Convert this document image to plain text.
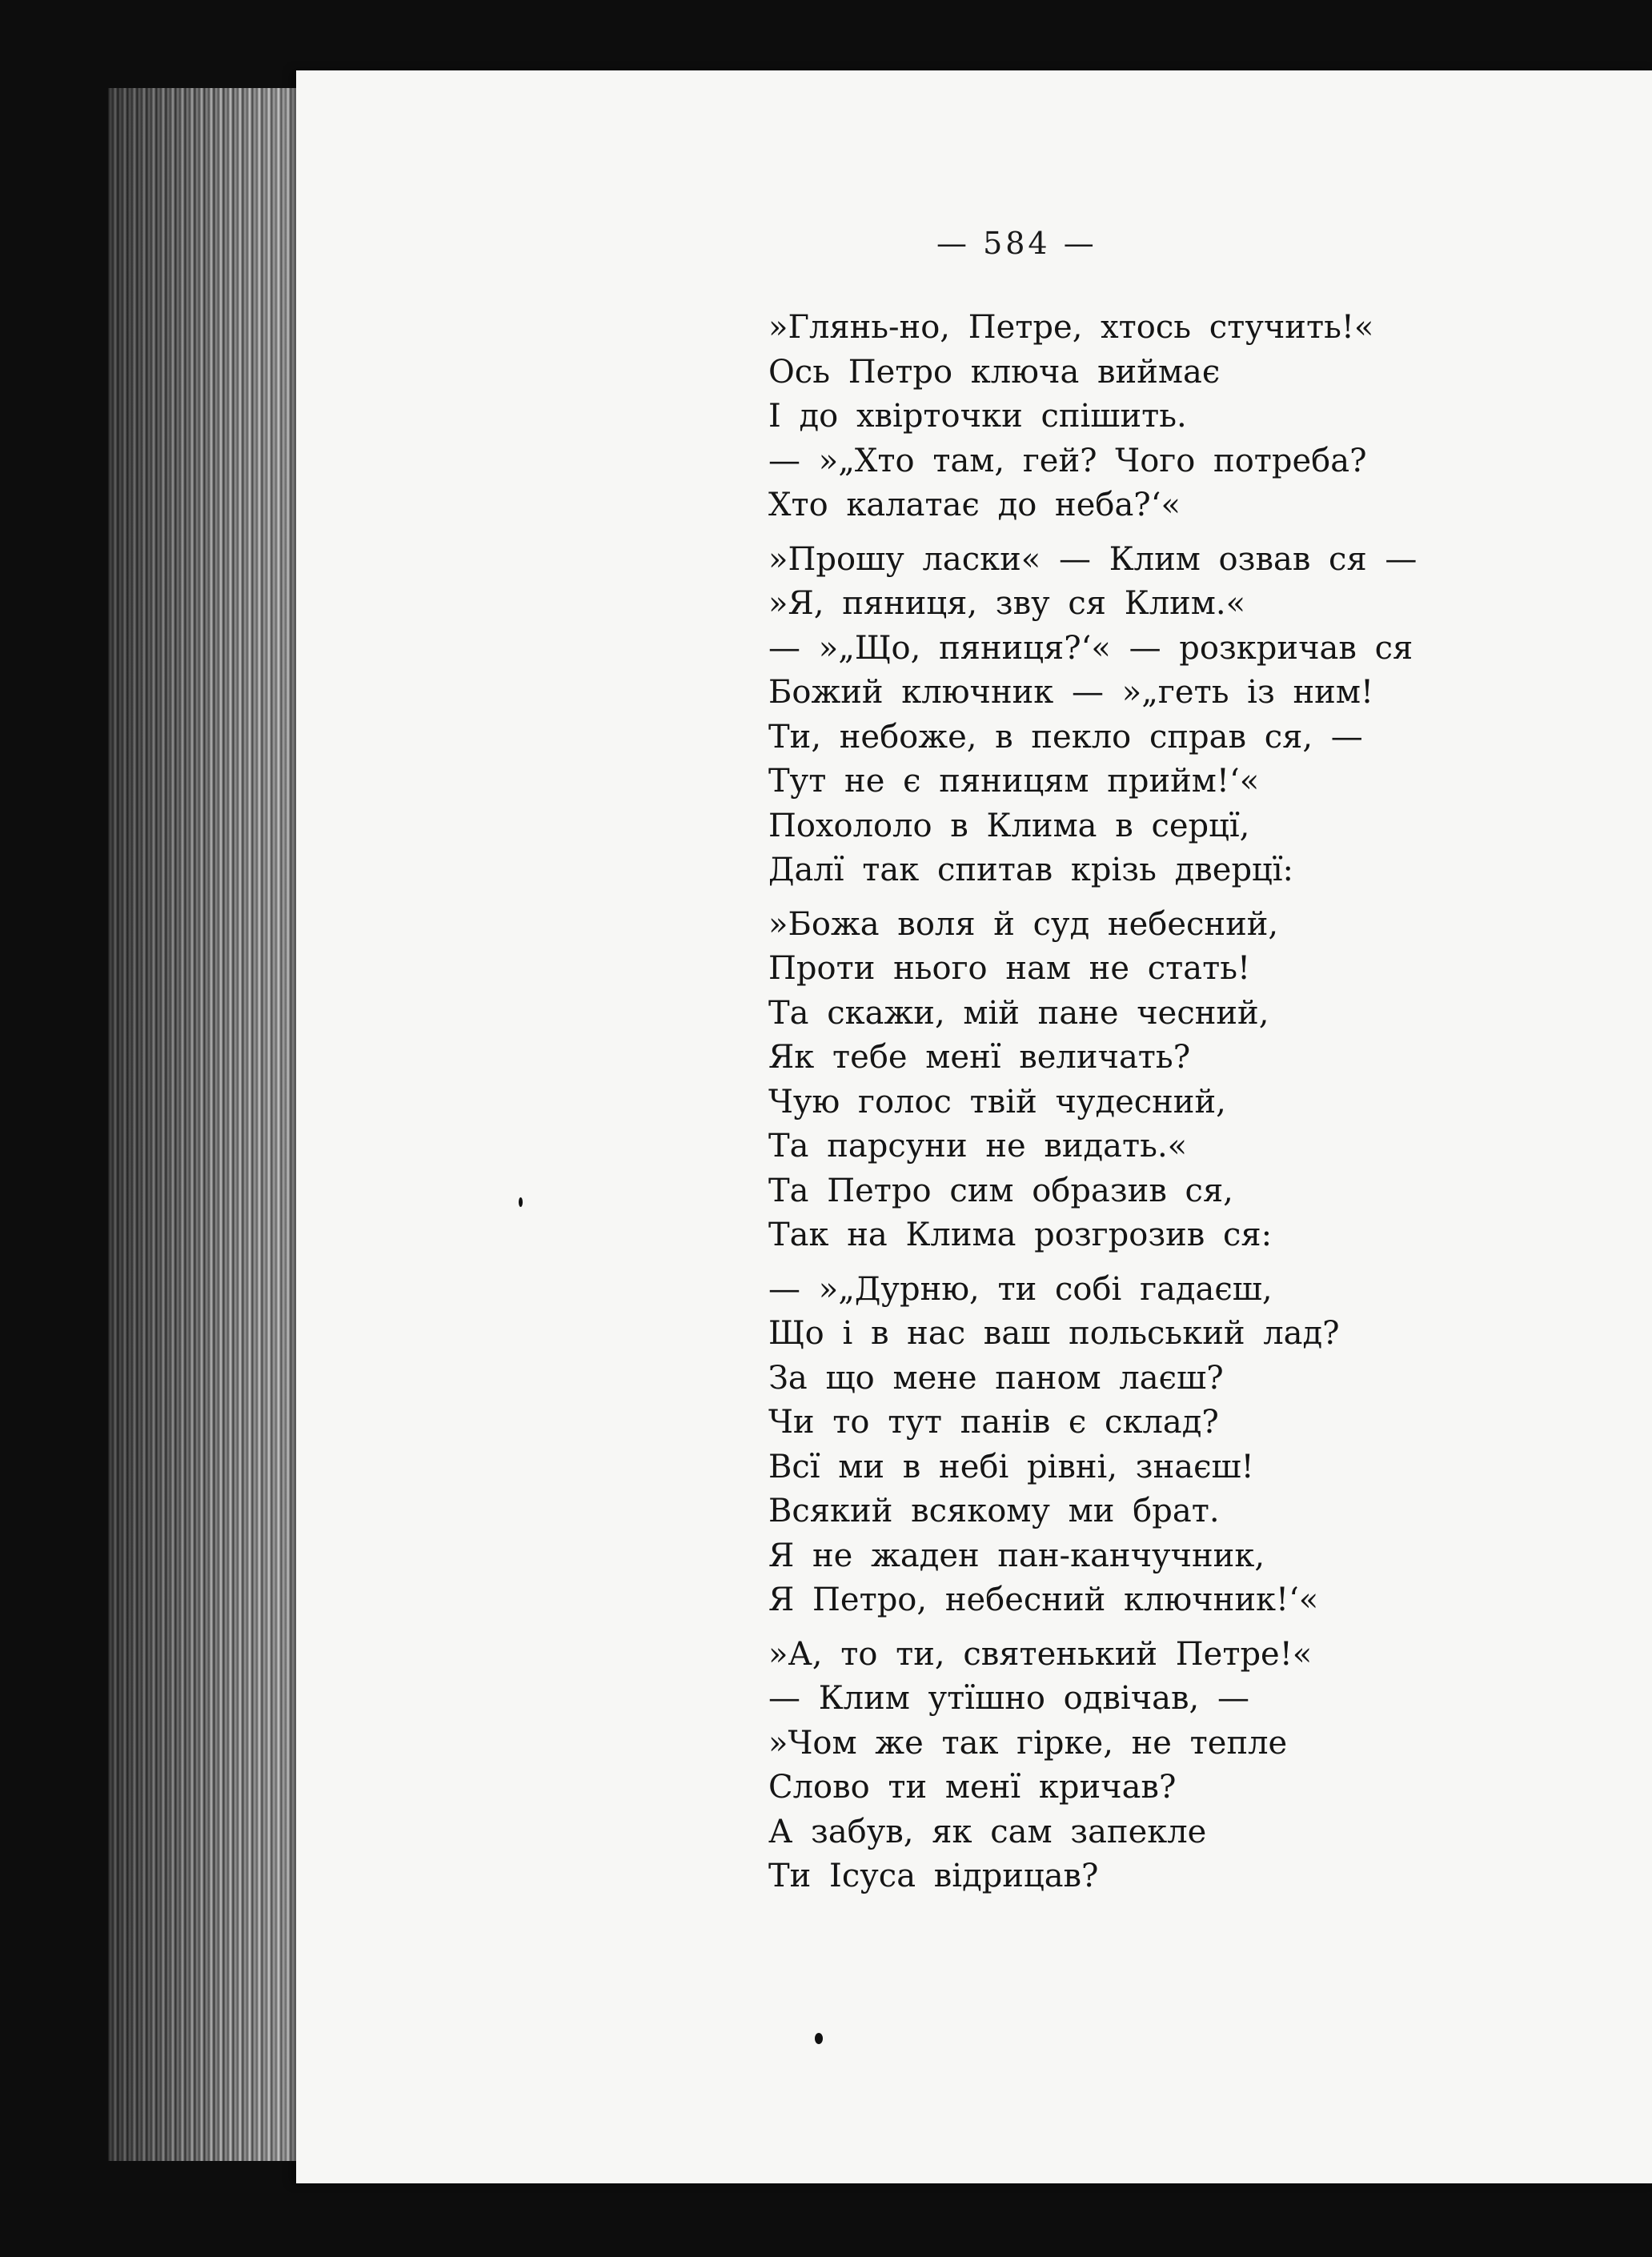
— 584 —
»Глянь-но, Петре, хтось стучить!«
Ось Петро ключа виймає
І до хвірточки спішить.
— »„Хто там, гей? Чого потреба?
Хто калатає до неба?‘«
»Прошу ласки« — Клим озвав ся —
»Я, пяниця, зву ся Клим.«
— »„Що, пяниця?‘« — розкричав ся
Божий ключник — »„геть із ним!
Ти, небоже, в пекло справ ся, —
Тут не є пяницям прийм!‘«
Похололо в Клима в серцї,
Далї так спитав крізь дверцї:
»Божа воля й суд небесний,
Проти нього нам не стать!
Та скажи, мій пане чесний,
Як тебе менї величать?
Чую голос твій чудесний,
Та парсуни не видать.«
Та Петро сим образив ся,
Так на Клима розгрозив ся:
— »„Дурню, ти собі гадаєш,
Що і в нас ваш польський лад?
За що мене паном лаєш?
Чи то тут панів є склад?
Всї ми в небі рівні, знаєш!
Всякий всякому ми брат.
Я не жаден пан-канчучник,
Я Петро, небесний ключник!‘«
»А, то ти, святенький Петре!«
— Клим утїшно одвічав, —
»Чом же так гірке, не тепле
Слово ти менї кричав?
А забув, як сам запекле
Ти Ісуса відрицав?
